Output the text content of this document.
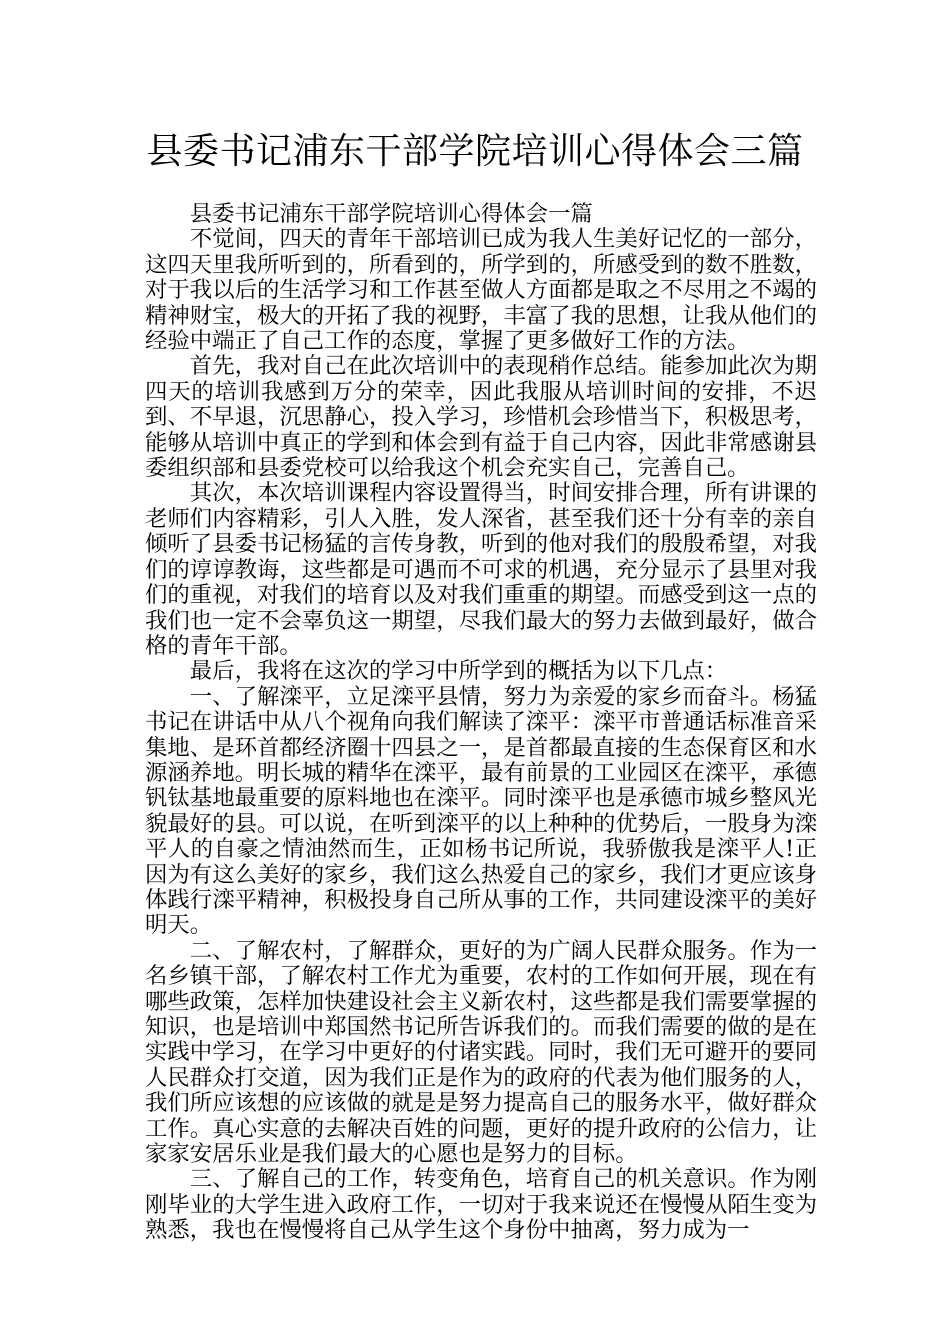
县委书记浦东干部学院培训心得体会三篇

县委书记浦东干部学院培训心得体会一篇

不觉间，四天的青年干部培训已成为我人生美好记忆的一部分，这四天里我所听到的，所看到的，所学到的，所感受到的数不胜数，对于我以后的生活学习和工作甚至做人方面都是取之不尽用之不竭的精神财宝，极大的开拓了我的视野，丰富了我的思想，让我从他们的经验中端正了自己工作的态度，掌握了更多做好工作的方法。

首先，我对自己在此次培训中的表现稍作总结。能参加此次为期四天的培训我感到万分的荣幸，因此我服从培训时间的安排，不迟到、不早退，沉思静心，投入学习，珍惜机会珍惜当下，积极思考，能够从培训中真正的学到和体会到有益于自己内容，因此非常感谢县委组织部和县委党校可以给我这个机会充实自己，完善自己。

其次，本次培训课程内容设置得当，时间安排合理，所有讲课的老师们内容精彩，引人入胜，发人深省，甚至我们还十分有幸的亲自倾听了县委书记杨猛的言传身教，听到的他对我们的殷殷希望，对我们的谆谆教诲，这些都是可遇而不可求的机遇，充分显示了县里对我们的重视，对我们的培育以及对我们重重的期望。而感受到这一点的我们也一定不会辜负这一期望，尽我们最大的努力去做到最好，做合格的青年干部。

最后，我将在这次的学习中所学到的概括为以下几点：

一、了解滦平，立足滦平县情，努力为亲爱的家乡而奋斗。杨猛书记在讲话中从八个视角向我们解读了滦平：滦平市普通话标准音采集地、是环首都经济圈十四县之一，是首都最直接的生态保育区和水源涵养地。明长城的精华在滦平，最有前景的工业园区在滦平，承德钒钛基地最重要的原料地也在滦平。同时滦平也是承德市城乡整风光貌最好的县。可以说，在听到滦平的以上种种的优势后，一股身为滦平人的自豪之情油然而生，正如杨书记所说，我骄傲我是滦平人!正因为有这么美好的家乡，我们这么热爱自己的家乡，我们才更应该身体践行滦平精神，积极投身自己所从事的工作，共同建设滦平的美好明天。

二、了解农村，了解群众，更好的为广阔人民群众服务。作为一名乡镇干部，了解农村工作尤为重要，农村的工作如何开展，现在有哪些政策，怎样加快建设社会主义新农村，这些都是我们需要掌握的知识，也是培训中郑国然书记所告诉我们的。而我们需要的做的是在实践中学习，在学习中更好的付诸实践。同时，我们无可避开的要同人民群众打交道，因为我们正是作为的政府的代表为他们服务的人，我们所应该想的应该做的就是是努力提高自己的服务水平，做好群众工作。真心实意的去解决百姓的问题，更好的提升政府的公信力，让家家安居乐业是我们最大的心愿也是努力的目标。

三、了解自己的工作，转变角色，培育自己的机关意识。作为刚刚毕业的大学生进入政府工作，一切对于我来说还在慢慢从陌生变为熟悉，我也在慢慢将自己从学生这个身份中抽离，努力成为一
